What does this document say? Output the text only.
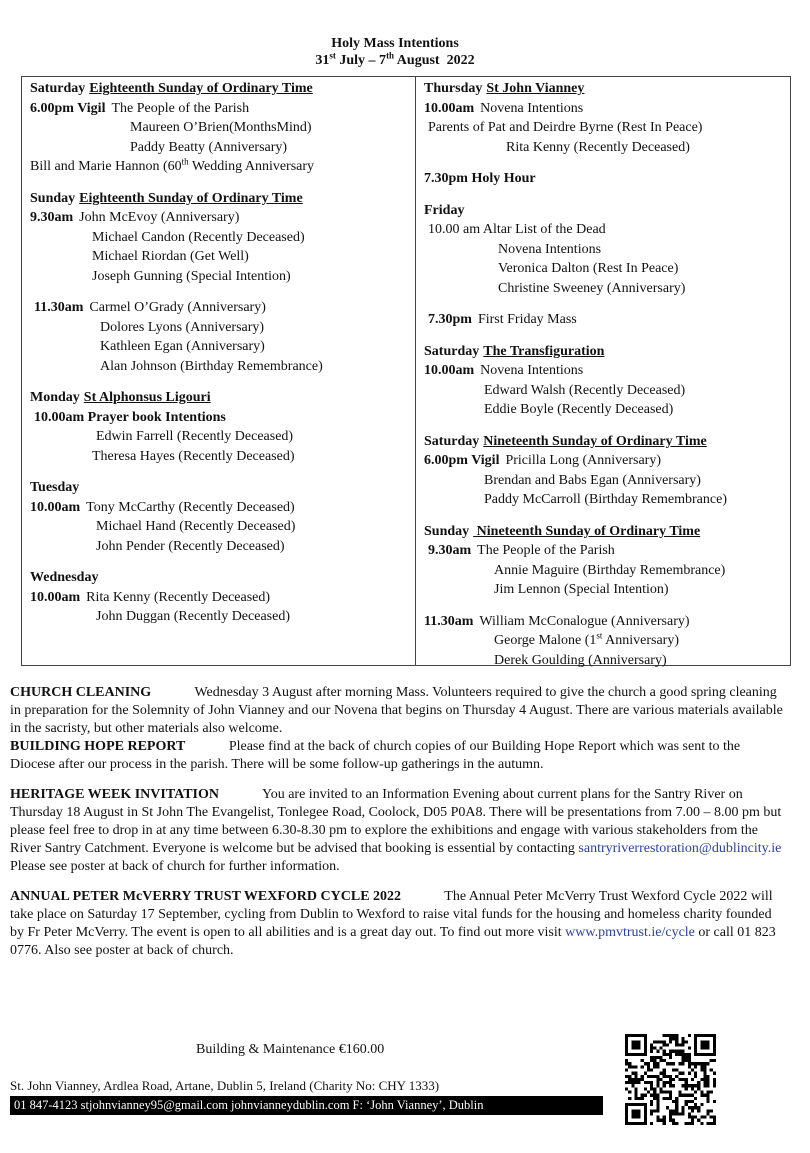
Holy Mass Intentions
31st July – 7th August  2022
Saturday Eighteenth Sunday of Ordinary Time
6.00pm Vigil The People of the Parish
Maureen O’Brien(MonthsMind)
Paddy Beatty (Anniversary)
Bill and Marie Hannon (60th Wedding Anniversary
Sunday Eighteenth Sunday of Ordinary Time
9.30am John McEvoy (Anniversary)
Michael Candon (Recently Deceased)
Michael Riordan (Get Well)
Joseph Gunning (Special Intention)
11.30am Carmel O’Grady (Anniversary)
Dolores Lyons (Anniversary)
Kathleen Egan (Anniversary)
Alan Johnson (Birthday Remembrance)
Monday St Alphonsus Ligouri
10.00am Prayer book Intentions
Edwin Farrell (Recently Deceased)
Theresa Hayes (Recently Deceased)
Tuesday
10.00am Tony McCarthy (Recently Deceased)
Michael Hand (Recently Deceased)
John Pender (Recently Deceased)
Wednesday
10.00am Rita Kenny (Recently Deceased)
John Duggan (Recently Deceased)
Thursday St John Vianney
10.00am Novena Intentions
Parents of Pat and Deirdre Byrne (Rest In Peace)
Rita Kenny (Recently Deceased)
7.30pm Holy Hour
Friday
10.00 am Altar List of the Dead
Novena Intentions
Veronica Dalton (Rest In Peace)
Christine Sweeney (Anniversary)
7.30pm First Friday Mass
Saturday The Transfiguration
10.00am Novena Intentions
Edward Walsh (Recently Deceased)
Eddie Boyle (Recently Deceased)
Saturday Nineteenth Sunday of Ordinary Time
6.00pm Vigil Pricilla Long (Anniversary)
Brendan and Babs Egan (Anniversary)
Paddy McCarroll (Birthday Remembrance)
Sunday Nineteenth Sunday of Ordinary Time
9.30am The People of the Parish
Annie Maguire (Birthday Remembrance)
Jim Lennon (Special Intention)
11.30am William McConalogue (Anniversary)
George Malone (1st Anniversary)
Derek Goulding (Anniversary)

CHURCH CLEANING	Wednesday 3 August after morning Mass. Volunteers required to give the church a good spring cleaning in preparation for the Solemnity of John Vianney and our Novena that begins on Thursday 4 August. There are various materials available in the sacristy, but other materials also welcome.

BUILDING HOPE REPORT	Please find at the back of church copies of our Building Hope Report which was sent to the Diocese after our process in the parish. There will be some follow-up gatherings in the autumn.

HERITAGE WEEK INVITATION	You are invited to an Information Evening about current plans for the Santry River on Thursday 18 August in St John The Evangelist, Tonlegee Road, Coolock, D05 P0A8. There will be presentations from 7.00 – 8.00 pm but please feel free to drop in at any time between 6.30-8.30 pm to explore the exhibitions and engage with various stakeholders from the River Santry Catchment. Everyone is welcome but be advised that booking is essential by contacting santryriverrestoration@dublincity.ie Please see poster at back of church for further information.

ANNUAL PETER McVERRY TRUST WEXFORD CYCLE 2022	The Annual Peter McVerry Trust Wexford Cycle 2022 will take place on Saturday 17 September, cycling from Dublin to Wexford to raise vital funds for the housing and homeless charity founded by Fr Peter McVerry. The event is open to all abilities and is a great day out. To find out more visit www.pmvtrust.ie/cycle or call 01 823 0776. Also see poster at back of church.

Building & Maintenance €160.00
St. John Vianney, Ardlea Road, Artane, Dublin 5, Ireland (Charity No: CHY 1333)
01 847-4123 stjohnvianney95@gmail.com johnvianneydublin.com F: ‘John Vianney’, Dublin
